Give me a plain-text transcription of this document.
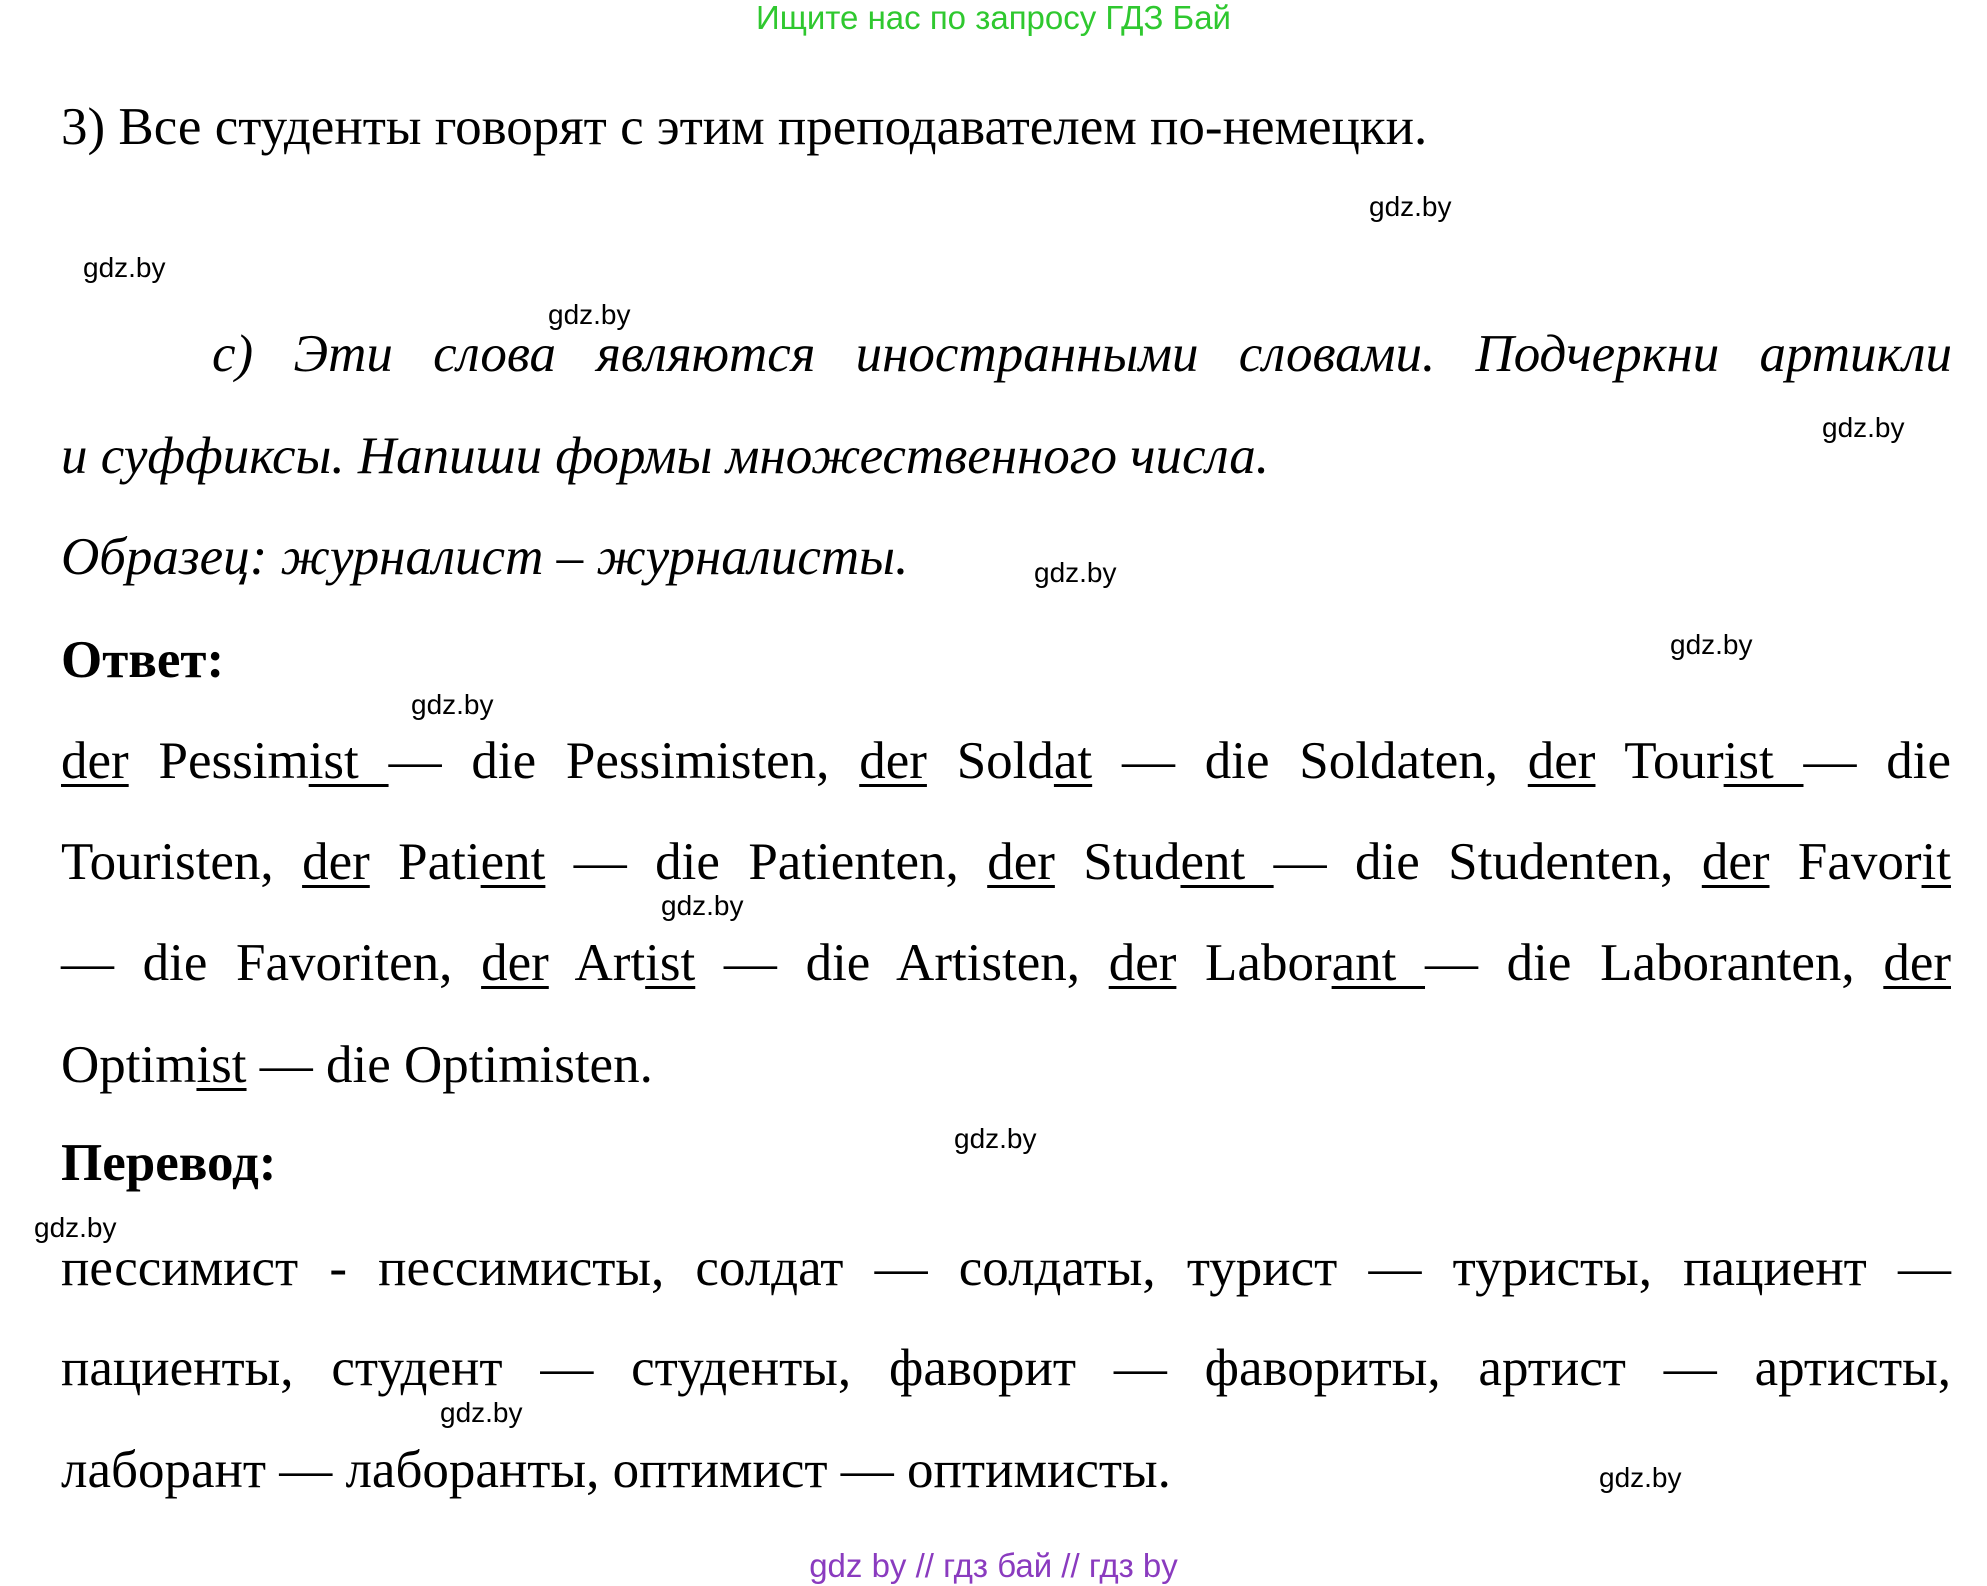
Ищите нас по запросу ГДЗ Бай
3) Все студенты говорят с этим преподавателем по-немецки.
c) Эти слова являются иностранными словами. Подчеркни артикли
и суффиксы. Напиши формы множественного числа.
Образец: журналист – журналисты.
Ответ:
der Pessimist — die Pessimisten, der Soldat — die Soldaten, der Tourist — die
Touristen, der Patient — die Patienten, der Student — die Studenten, der Favorit
— die Favoriten, der Artist — die Artisten, der Laborant — die Laboranten, der
Optimist — die Optimisten.
Перевод:
пессимист - пессимисты, солдат — солдаты, турист — туристы, пациент —
пациенты, студент — студенты, фаворит — фавориты, артист — артисты,
лаборант — лаборанты, оптимист — оптимисты.
gdz.by
gdz.by
gdz.by
gdz.by
gdz.by
gdz.by
gdz.by
gdz.by
gdz.by
gdz.by
gdz.by
gdz.by
gdz by // гдз бай // гдз by
